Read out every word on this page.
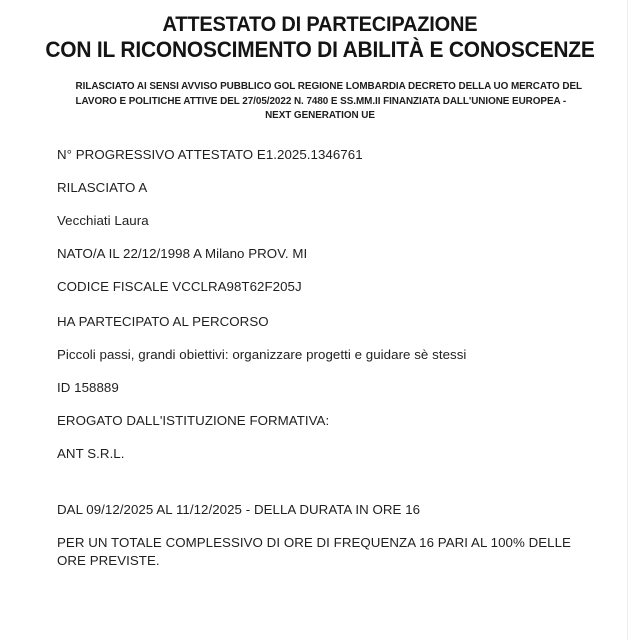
ATTESTATO DI PARTECIPAZIONE
CON IL RICONOSCIMENTO DI ABILITÀ E CONOSCENZE
RILASCIATO AI SENSI AVVISO PUBBLICO GOL REGIONE LOMBARDIA DECRETO DELLA UO MERCATO DEL
LAVORO E POLITICHE ATTIVE DEL 27/05/2022 N. 7480 E SS.MM.II FINANZIATA DALL'UNIONE EUROPEA -
NEXT GENERATION UE
N° PROGRESSIVO ATTESTATO E1.2025.1346761
RILASCIATO A
Vecchiati Laura
NATO/A IL 22/12/1998 A Milano PROV. MI
CODICE FISCALE VCCLRA98T62F205J
HA PARTECIPATO AL PERCORSO
Piccoli passi, grandi obiettivi: organizzare progetti e guidare sè stessi
ID 158889
EROGATO DALL'ISTITUZIONE FORMATIVA:
ANT S.R.L.
DAL 09/12/2025 AL 11/12/2025 - DELLA DURATA IN ORE 16
PER UN TOTALE COMPLESSIVO DI ORE DI FREQUENZA 16 PARI AL 100% DELLE ORE PREVISTE.
